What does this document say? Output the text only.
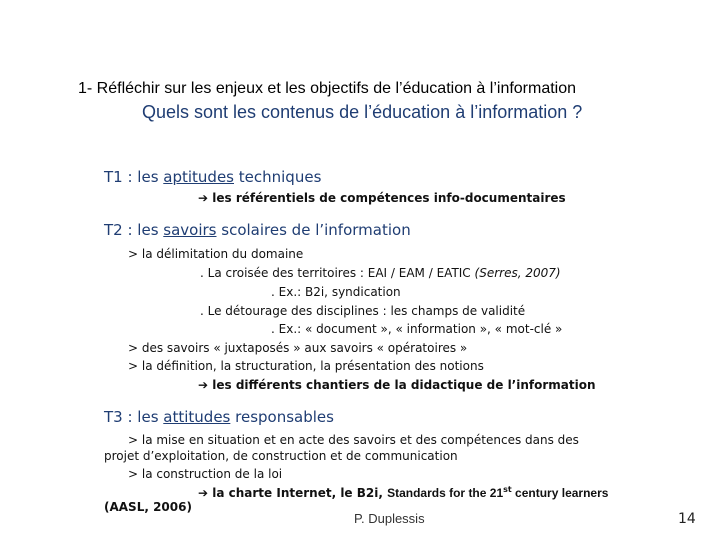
1- Réfléchir sur les enjeux et les objectifs de l’éducation à l’information
Quels sont les contenus de l’éducation à l’information ?
T1 : les aptitudes techniques
➔ les référentiels de compétences info-documentaires
T2 : les savoirs scolaires de l’information
> la délimitation du domaine
. La croisée des territoires : EAI / EAM / EATIC (Serres, 2007)
. Ex.: B2i, syndication
. Le détourage des disciplines : les champs de validité
. Ex.: « document », « information », « mot-clé »
> des savoirs « juxtaposés » aux savoirs « opératoires »
> la définition, la structuration, la présentation des notions
➔ les différents chantiers de la didactique de l’information
T3 : les attitudes responsables
> la mise en situation et en acte des savoirs et des compétences dans des
projet d’exploitation, de construction et de communication
> la construction de la loi
➔ la charte Internet, le B2i, Standards for the 21st century learners
(AASL, 2006)
P. Duplessis	14
